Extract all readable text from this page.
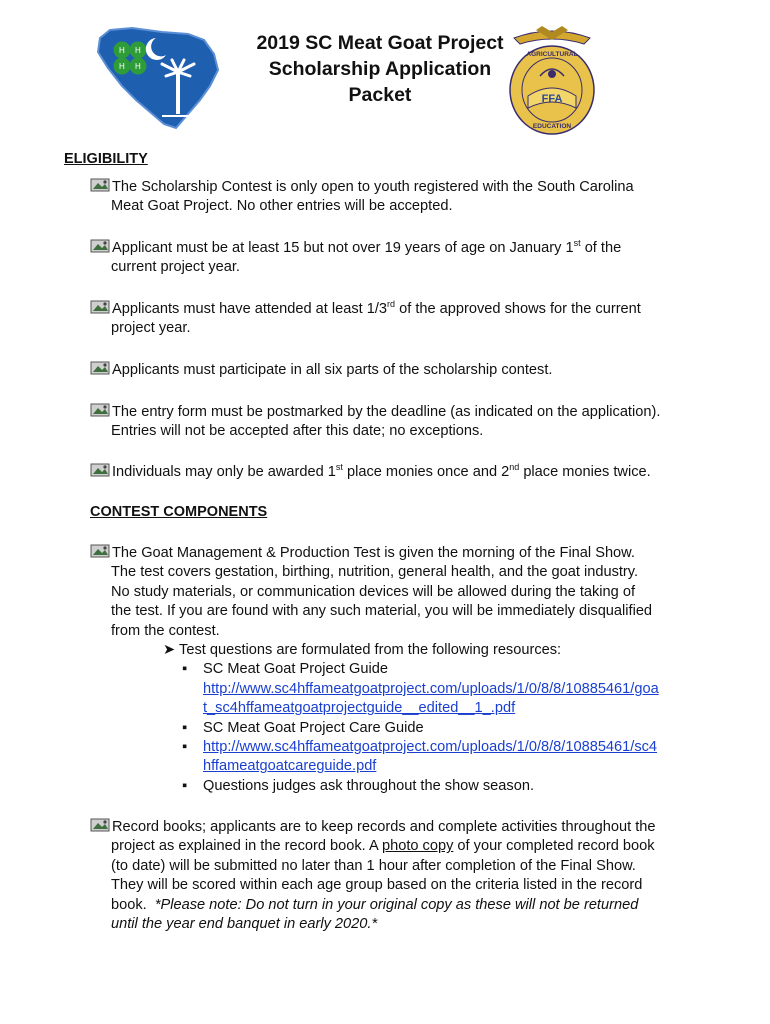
H H
H H
2019 SC Meat Goat Project
Scholarship Application
Packet	FFA
AGRICULTURAL
EDUCATION
ELIGIBILITY
The Scholarship Contest is only open to youth registered with the South Carolina
Meat Goat Project. No other entries will be accepted.
Applicant must be at least 15 but not over 19 years of age on January 1st of the
current project year.
Applicants must have attended at least 1/3rd of the approved shows for the current
project year.
Applicants must participate in all six parts of the scholarship contest.
The entry form must be postmarked by the deadline (as indicated on the application).
Entries will not be accepted after this date; no exceptions.
Individuals may only be awarded 1st place monies once and 2nd place monies twice.
CONTEST COMPONENTS
The Goat Management & Production Test is given the morning of the Final Show.
The test covers gestation, birthing, nutrition, general health, and the goat industry.
No study materials, or communication devices will be allowed during the taking of
the test. If you are found with any such material, you will be immediately disqualified
from the contest.
➤ Test questions are formulated from the following resources:
▪ SC Meat Goat Project Guide
http://www.sc4hffameatgoatproject.com/uploads/1/0/8/8/10885461/goa
t_sc4hffameatgoatprojectguide__edited__1_.pdf
▪ SC Meat Goat Project Care Guide
▪ http://www.sc4hffameatgoatproject.com/uploads/1/0/8/8/10885461/sc4
hffameatgoatcareguide.pdf
▪ Questions judges ask throughout the show season.
Record books; applicants are to keep records and complete activities throughout the
project as explained in the record book. A photo copy of your completed record book
(to date) will be submitted no later than 1 hour after completion of the Final Show.
They will be scored within each age group based on the criteria listed in the record
book.  *Please note: Do not turn in your original copy as these will not be returned
until the year end banquet in early 2020.*
